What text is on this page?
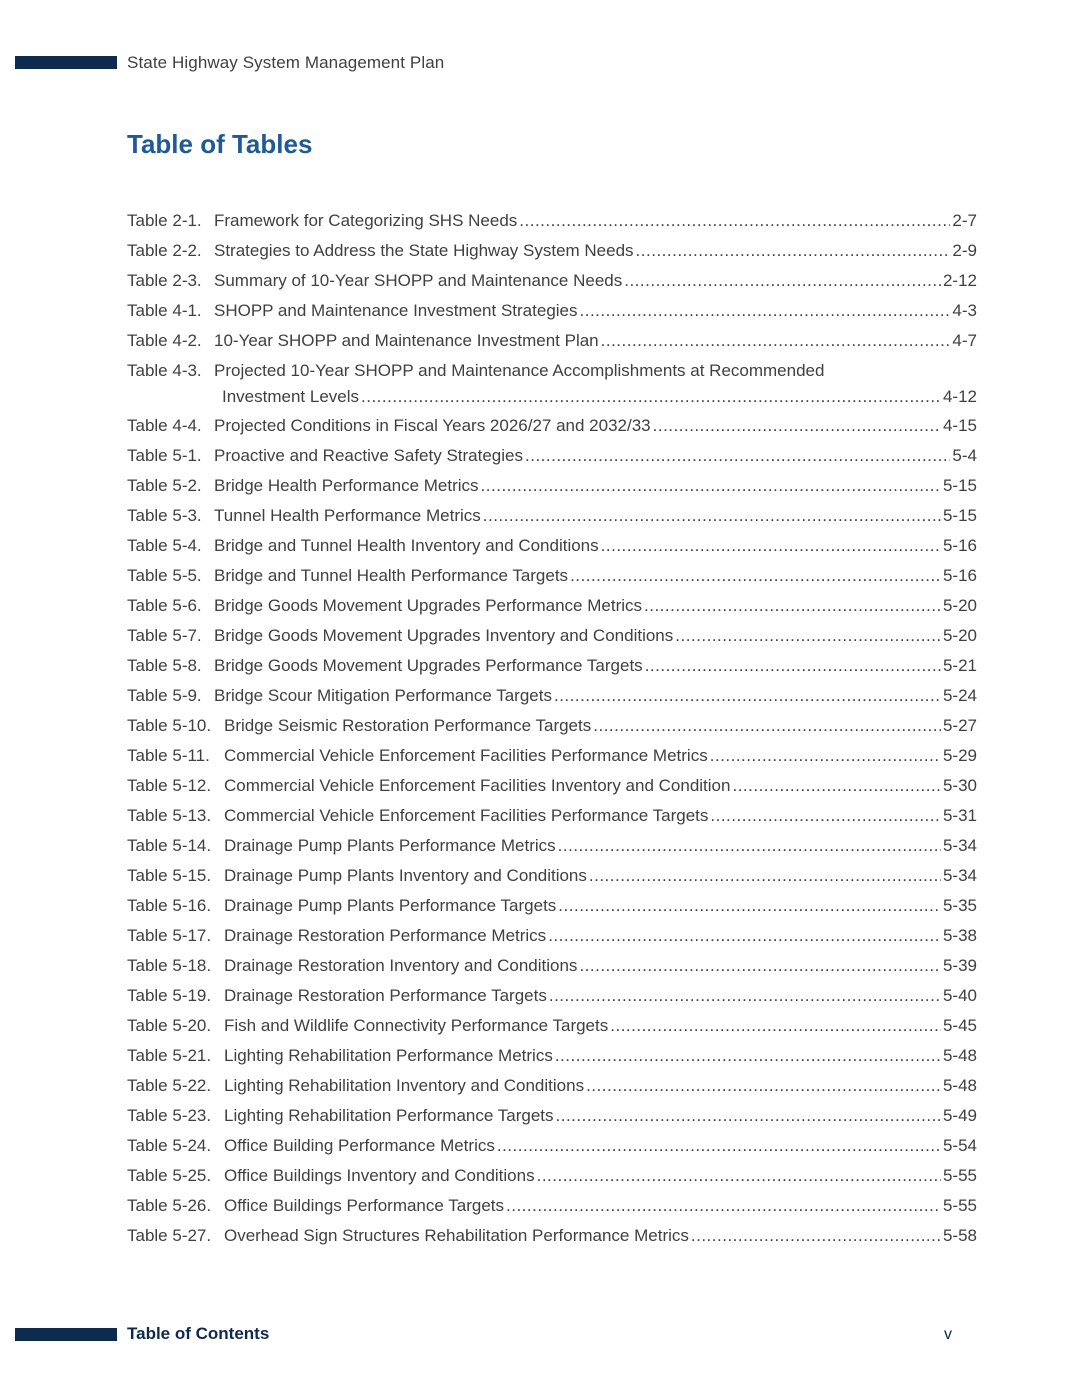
State Highway System Management Plan
Table of Tables
Table 2-1. Framework for Categorizing SHS Needs .....	2-7
Table 2-2. Strategies to Address the State Highway System Needs .....	2-9
Table 2-3. Summary of 10-Year SHOPP and Maintenance Needs .....	2-12
Table 4-1. SHOPP and Maintenance Investment Strategies .....	4-3
Table 4-2. 10-Year SHOPP and Maintenance Investment Plan .....	4-7
Table 4-3. Projected 10-Year SHOPP and Maintenance Accomplishments at Recommended
Investment Levels .....	4-12
Table 4-4. Projected Conditions in Fiscal Years 2026/27 and 2032/33 .....	4-15
Table 5-1. Proactive and Reactive Safety Strategies .....	5-4
Table 5-2. Bridge Health Performance Metrics .....	5-15
Table 5-3. Tunnel Health Performance Metrics .....	5-15
Table 5-4. Bridge and Tunnel Health Inventory and Conditions .....	5-16
Table 5-5. Bridge and Tunnel Health Performance Targets .....	5-16
Table 5-6. Bridge Goods Movement Upgrades Performance Metrics .....	5-20
Table 5-7. Bridge Goods Movement Upgrades Inventory and Conditions .....	5-20
Table 5-8. Bridge Goods Movement Upgrades Performance Targets .....	5-21
Table 5-9. Bridge Scour Mitigation Performance Targets .....	5-24
Table 5-10. Bridge Seismic Restoration Performance Targets .....	5-27
Table 5-11. Commercial Vehicle Enforcement Facilities Performance Metrics .....	5-29
Table 5-12. Commercial Vehicle Enforcement Facilities Inventory and Condition .....	5-30
Table 5-13. Commercial Vehicle Enforcement Facilities Performance Targets .....	5-31
Table 5-14. Drainage Pump Plants Performance Metrics .....	5-34
Table 5-15. Drainage Pump Plants Inventory and Conditions .....	5-34
Table 5-16. Drainage Pump Plants Performance Targets .....	5-35
Table 5-17. Drainage Restoration Performance Metrics .....	5-38
Table 5-18. Drainage Restoration Inventory and Conditions .....	5-39
Table 5-19. Drainage Restoration Performance Targets .....	5-40
Table 5-20. Fish and Wildlife Connectivity Performance Targets .....	5-45
Table 5-21. Lighting Rehabilitation Performance Metrics .....	5-48
Table 5-22. Lighting Rehabilitation Inventory and Conditions .....	5-48
Table 5-23. Lighting Rehabilitation Performance Targets .....	5-49
Table 5-24. Office Building Performance Metrics .....	5-54
Table 5-25. Office Buildings Inventory and Conditions .....	5-55
Table 5-26. Office Buildings Performance Targets .....	5-55
Table 5-27. Overhead Sign Structures Rehabilitation Performance Metrics .....	5-58
Table of Contents	v
